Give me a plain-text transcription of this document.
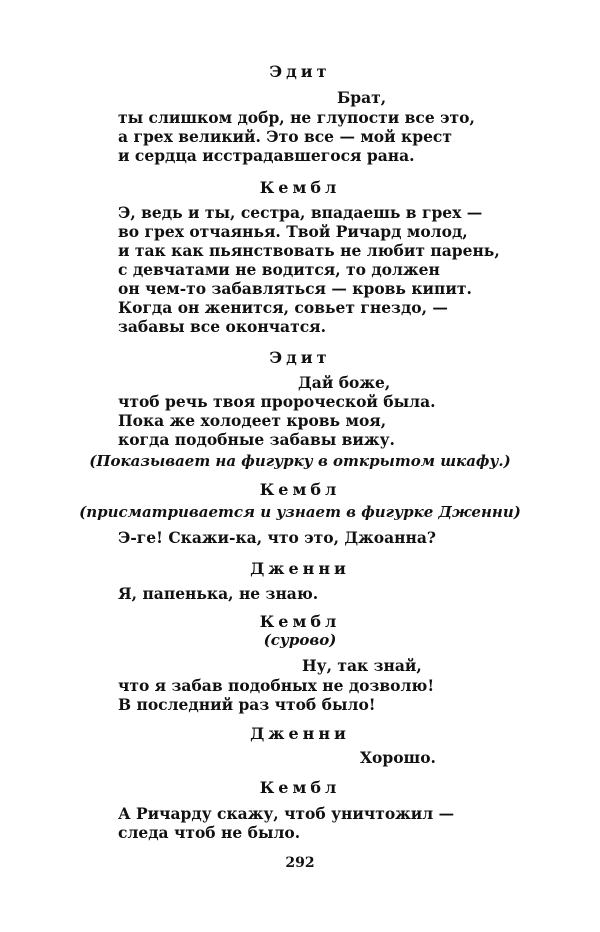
Эдит
Брат,
ты слишком добр, не глупости все это,
а грех великий. Это все — мой крест
и сердца исстрадавшегося рана.
Кембл
Э, ведь и ты, сестра, впадаешь в грех —
во грех отчаянья. Твой Ричард молод,
и так как пьянствовать не любит парень,
с девчатами не водится, то должен
он чем-то забавляться — кровь кипит.
Когда он женится, совьет гнездо, —
забавы все окончатся.
Эдит
Дай боже,
чтоб речь твоя пророческой была.
Пока же холодеет кровь моя,
когда подобные забавы вижу.
(Показывает на фигурку в открытом шкафу.)
Кембл
(присматривается и узнает в фигурке Дженни)
Э-ге! Скажи-ка, что это, Джоанна?
Дженни
Я, папенька, не знаю.
Кембл
(сурово)
Ну, так знай,
что я забав подобных не дозволю!
В последний раз чтоб было!
Дженни
Хорошо.
Кембл
А Ричарду скажу, чтоб уничтожил —
следа чтоб не было.
292
